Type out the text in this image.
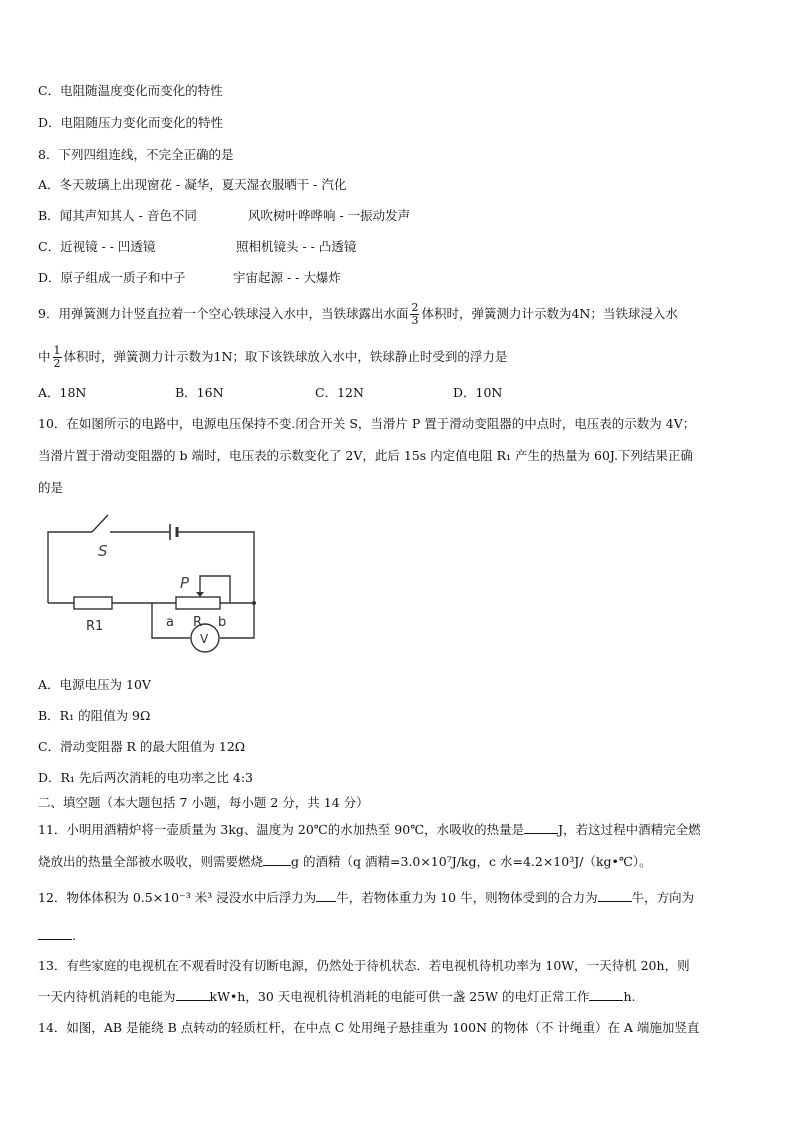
C．电阻随温度变化而变化的特性
D．电阻随压力变化而变化的特性
8．下列四组连线，不完全正确的是
A．冬天玻璃上出现窗花 - 凝华，夏天湿衣服晒干 - 汽化
B．闻其声知其人 - 音色不同	风吹树叶哗哗响 - 一振动发声
C．近视镜 - - 凹透镜	照相机镜头 - - 凸透镜
D．原子组成一质子和中子	宇宙起源 - - 大爆炸
9．用弹簧测力计竖直拉着一个空心铁球浸入水中，当铁球露出水面 $\frac{2}{3}$ 体积时，弹簧测力计示数为4N；当铁球浸入水
中 $\frac{1}{2}$ 体积时，弹簧测力计示数为1N；取下该铁球放入水中，铁球静止时受到的浮力是
A．18N	B．16N	C．12N	D．10N
10．在如图所示的电路中，电源电压保持不变.闭合开关 S，当滑片 P 置于滑动变阻器的中点时，电压表的示数为 4V；
当滑片置于滑动变阻器的 b 端时，电压表的示数变化了 2V，此后 15s 内定值电阻 R₁ 产生的热量为 60J.下列结果正确
的是
S
P
R1	a R b
V
A．电源电压为 10V
B．R₁ 的阻值为 9Ω
C．滑动变阻器 R 的最大阻值为 12Ω
D．R₁ 先后两次消耗的电功率之比 4:3
二、填空题（本大题包括 7 小题，每小题 2 分，共 14 分）
11．小明用酒精炉将一壶质量为 3kg、温度为 20℃的水加热至 90℃，水吸收的热量是	J，若这过程中酒精完全燃
烧放出的热量全部被水吸收，则需要燃烧 g 的酒精（q 酒精=3.0×10⁷J/kg，c 水=4.2×10³J/（kg•℃）。
12．物体体积为 0.5×10⁻³ 米³ 浸没水中后浮力为 牛，若物体重力为 10 牛，则物体受到的合力为	牛，方向为
.
13．有些家庭的电视机在不观看时没有切断电源，仍然处于待机状态．若电视机待机功率为 10W，一天待机 20h，则
一天内待机消耗的电能为	kW•h，30 天电视机待机消耗的电能可供一盏 25W 的电灯正常工作	h.
14．如图，AB 是能绕 B 点转动的轻质杠杆，在中点 C 处用绳子悬挂重为 100N 的物体（不 计绳重）在 A 端施加竖直
